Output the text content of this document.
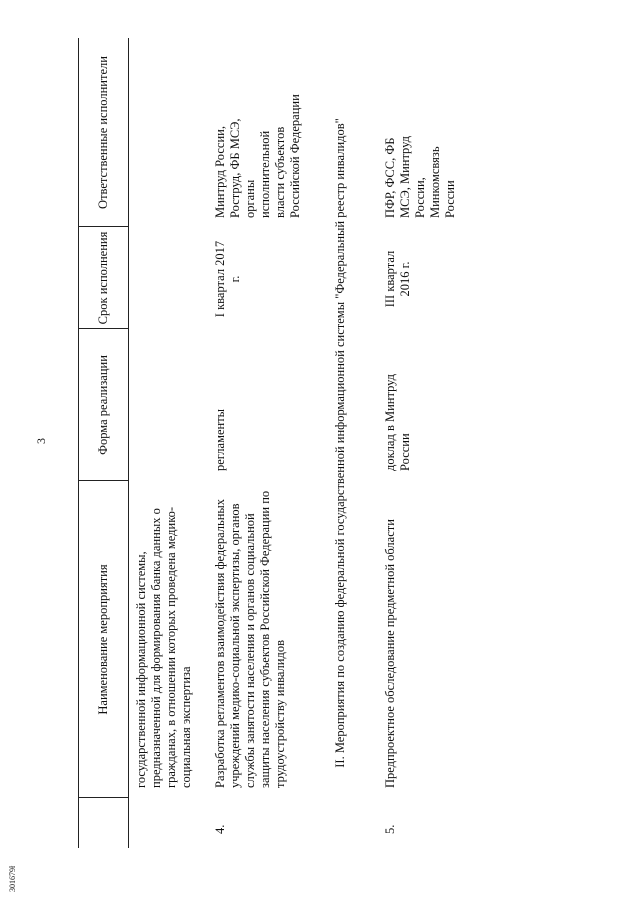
3
301679ł
Наименование мероприятия
Форма реализации
Срок исполнения
Ответственные исполнители
государственной информационной системы, предназначенной для формирования банка данных о гражданах, в отношении которых проведена медико-социальная экспертиза
4.
Разработка регламентов взаимодействия федеральных учреждений медико-социальной экспертизы, органов службы занятости населения и органов социальной защиты населения субъектов Российской Федерации по трудоустройству инвалидов
регламенты
I квартал 2017 г.
Минтруд России, Роструд, ФБ МСЭ, органы исполнительной власти субъектов Российской Федерации II. Мероприятия по созданию федеральной государственной информационной системы "Федеральный реестр инвалидов"
5.
Предпроектное обследование предметной области
доклад в Минтруд России
III квартал 2016 г.
ПФР, ФСС, ФБ МСЭ, Минтруд России, Минкомсвязь России
